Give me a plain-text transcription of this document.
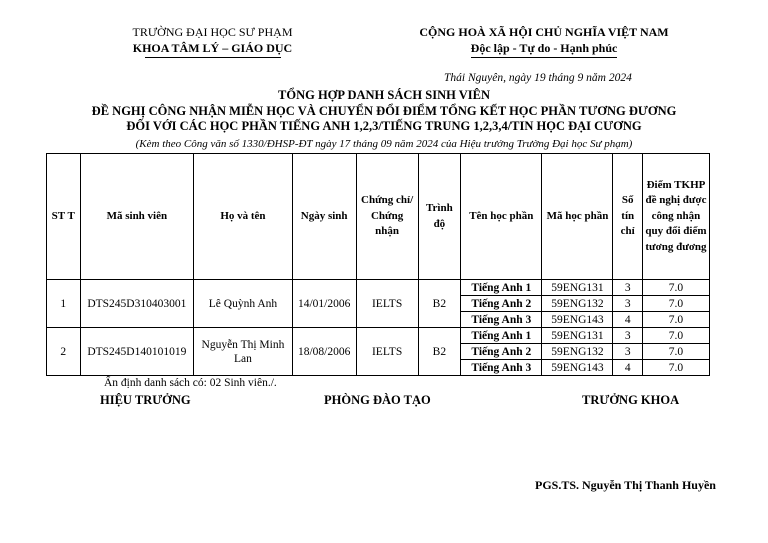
TRƯỜNG ĐẠI HỌC SƯ PHẠM
KHOA TÂM LÝ – GIÁO DỤC
CỘNG HOÀ XÃ HỘI CHỦ NGHĨA VIỆT NAM
Độc lập - Tự do - Hạnh phúc
Thái Nguyên, ngày 19 tháng 9 năm 2024
TỔNG HỢP DANH SÁCH SINH VIÊN
ĐỀ NGHỊ CÔNG NHẬN MIỄN HỌC VÀ CHUYỂN ĐỔI ĐIỂM TỔNG KẾT HỌC PHẦN TƯƠNG ĐƯƠNG
ĐỐI VỚI CÁC HỌC PHẦN TIẾNG ANH 1,2,3/TIẾNG TRUNG 1,2,3,4/TIN HỌC ĐẠI CƯƠNG
(Kèm theo Công văn số 1330/ĐHSP-ĐT ngày 17 tháng 09 năm 2024 của Hiệu trưởng Trường Đại học Sư phạm)
ST T	Mã sinh viên	Họ và tên	Ngày sinh	Chứng chỉ/ Chứng nhận	Trình độ	Tên học phần	Mã học phần	Số tín chỉ	Điểm TKHP đề nghị được công nhận quy đổi điểm tương đương
1	DTS245D310403001	Lê Quỳnh Anh	14/01/2006	IELTS	B2	Tiếng Anh 1	59ENG131	3	7.0
						Tiếng Anh 2	59ENG132	3	7.0
						Tiếng Anh 3	59ENG143	4	7.0
2	DTS245D140101019	Nguyễn Thị Minh Lan	18/08/2006	IELTS	B2	Tiếng Anh 1	59ENG131	3	7.0
						Tiếng Anh 2	59ENG132	3	7.0
						Tiếng Anh 3	59ENG143	4	7.0
Ấn định danh sách có: 02 Sinh viên./.
HIỆU TRƯỞNG	PHÒNG ĐÀO TẠO	TRƯỞNG KHOA
PGS.TS. Nguyễn Thị Thanh Huyền
